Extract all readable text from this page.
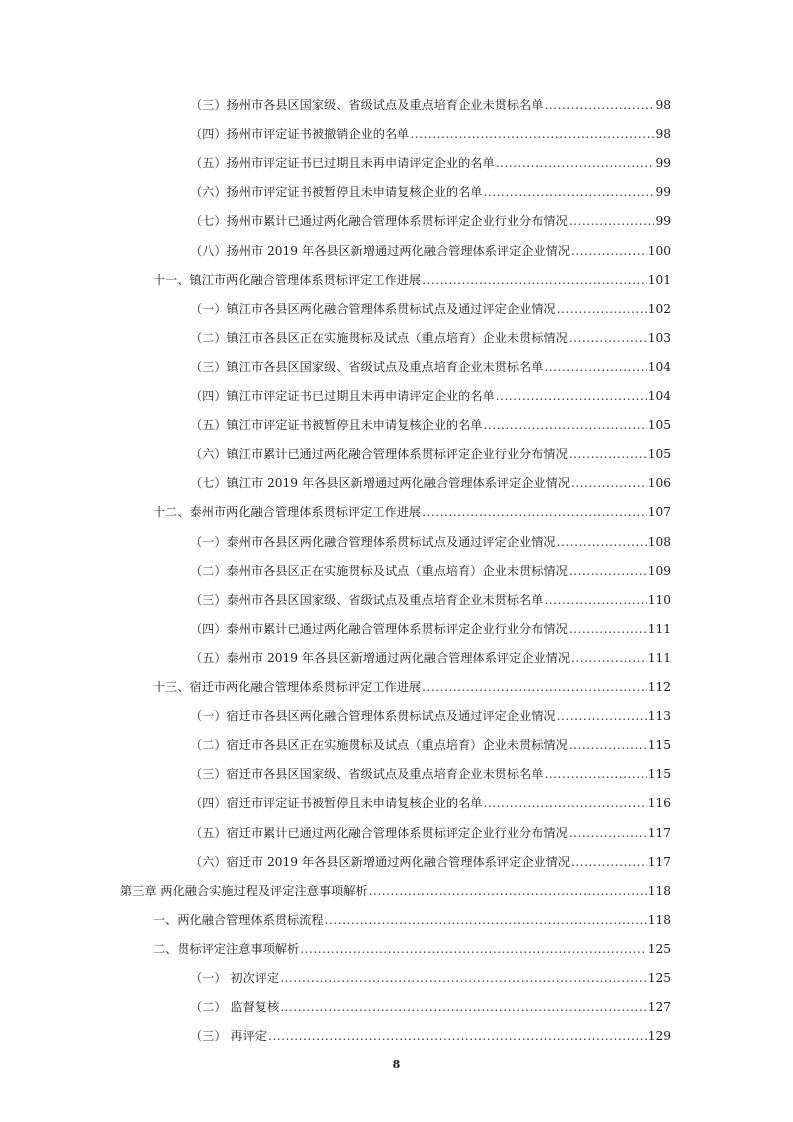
（三）扬州市各县区国家级、省级试点及重点培育企业未贯标名单 .....	98
（四）扬州市评定证书被撤销企业的名单 .....	98
（五）扬州市评定证书已过期且未再申请评定企业的名单 .....	99
（六）扬州市评定证书被暂停且未申请复核企业的名单 .....	99
（七）扬州市累计已通过两化融合管理体系贯标评定企业行业分布情况 .....	99
（八）扬州市 2019 年各县区新增通过两化融合管理体系评定企业情况 .....	100
十一、镇江市两化融合管理体系贯标评定工作进展 .....	101
（一）镇江市各县区两化融合管理体系贯标试点及通过评定企业情况 .....	102
（二）镇江市各县区正在实施贯标及试点（重点培育）企业未贯标情况 .....	103
（三）镇江市各县区国家级、省级试点及重点培育企业未贯标名单 .....	104
（四）镇江市评定证书已过期且未再申请评定企业的名单 .....	104
（五）镇江市评定证书被暂停且未申请复核企业的名单 .....	105
（六）镇江市累计已通过两化融合管理体系贯标评定企业行业分布情况 .....	105
（七）镇江市 2019 年各县区新增通过两化融合管理体系评定企业情况 .....	106
十二、泰州市两化融合管理体系贯标评定工作进展 .....	107
（一）泰州市各县区两化融合管理体系贯标试点及通过评定企业情况 .....	108
（二）泰州市各县区正在实施贯标及试点（重点培育）企业未贯标情况 .....	109
（三）泰州市各县区国家级、省级试点及重点培育企业未贯标名单 .....	110
（四）泰州市累计已通过两化融合管理体系贯标评定企业行业分布情况 .....	111
（五）泰州市 2019 年各县区新增通过两化融合管理体系评定企业情况 .....	111
十三、宿迁市两化融合管理体系贯标评定工作进展 .....	112
（一）宿迁市各县区两化融合管理体系贯标试点及通过评定企业情况 .....	113
（二）宿迁市各县区正在实施贯标及试点（重点培育）企业未贯标情况 .....	115
（三）宿迁市各县区国家级、省级试点及重点培育企业未贯标名单 .....	115
（四）宿迁市评定证书被暂停且未申请复核企业的名单 .....	116
（五）宿迁市累计已通过两化融合管理体系贯标评定企业行业分布情况 .....	117
（六）宿迁市 2019 年各县区新增通过两化融合管理体系评定企业情况 .....	117
第三章 两化融合实施过程及评定注意事项解析 .....	118
一、两化融合管理体系贯标流程 .....	118
二、贯标评定注意事项解析 .....	125
（一） 初次评定 .....	125
（二） 监督复核 .....	127
（三） 再评定 .....	129
8
